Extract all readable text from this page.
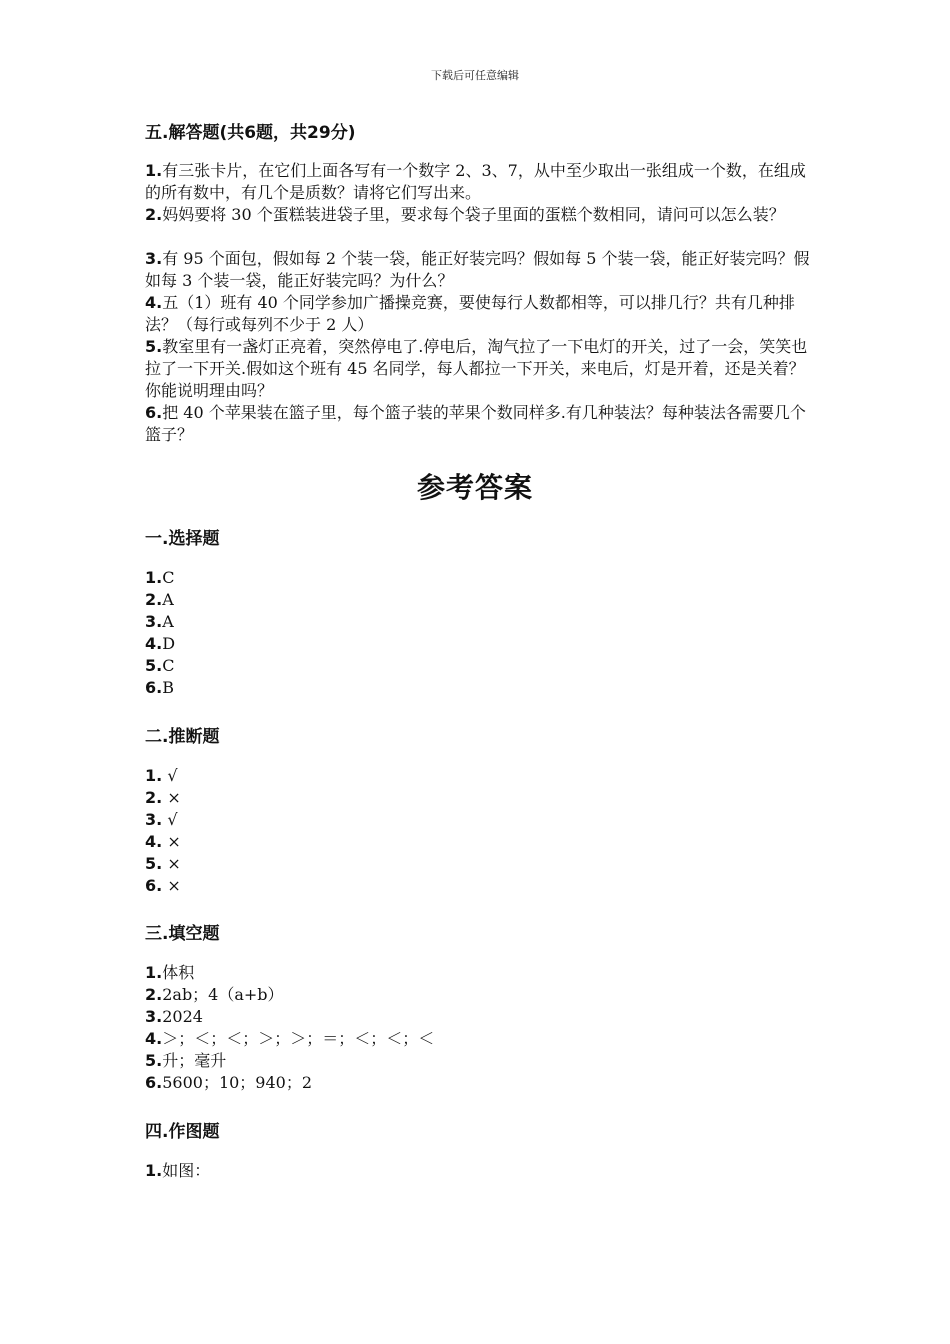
下载后可任意编辑
五.解答题(共6题，共29分)

1.有三张卡片，在它们上面各写有一个数字 2、3、7，从中至少取出一张组成一个数，在组成的所有数中，有几个是质数？请将它们写出来。

2.妈妈要将 30 个蛋糕装进袋子里，要求每个袋子里面的蛋糕个数相同，请问可以怎么装？

3.有 95 个面包，假如每 2 个装一袋，能正好装完吗？假如每 5 个装一袋，能正好装完吗？假如每 3 个装一袋，能正好装完吗？为什么？

4.五（1）班有 40 个同学参加广播操竞赛，要使每行人数都相等，可以排几行？共有几种排法？（每行或每列不少于 2 人）

5.教室里有一盏灯正亮着，突然停电了.停电后，淘气拉了一下电灯的开关，过了一会，笑笑也拉了一下开关.假如这个班有 45 名同学，每人都拉一下开关，来电后，灯是开着，还是关着？你能说明理由吗？

6.把 40 个苹果装在篮子里，每个篮子装的苹果个数同样多.有几种装法？每种装法各需要几个篮子？

一.选择题
1.C
2.A
3.A
4.D
5.C
6.B
二.推断题
1. √
2. ×
3. √
4. ×
5. ×
6. ×
三.填空题
1.体积
2.2ab；4（a+b）
3.2024
4.＞；＜；＜；＞；＞；＝；＜；＜；＜
5.升；毫升
6.5600；10；940；2
四.作图题
1.如图：
参考答案
